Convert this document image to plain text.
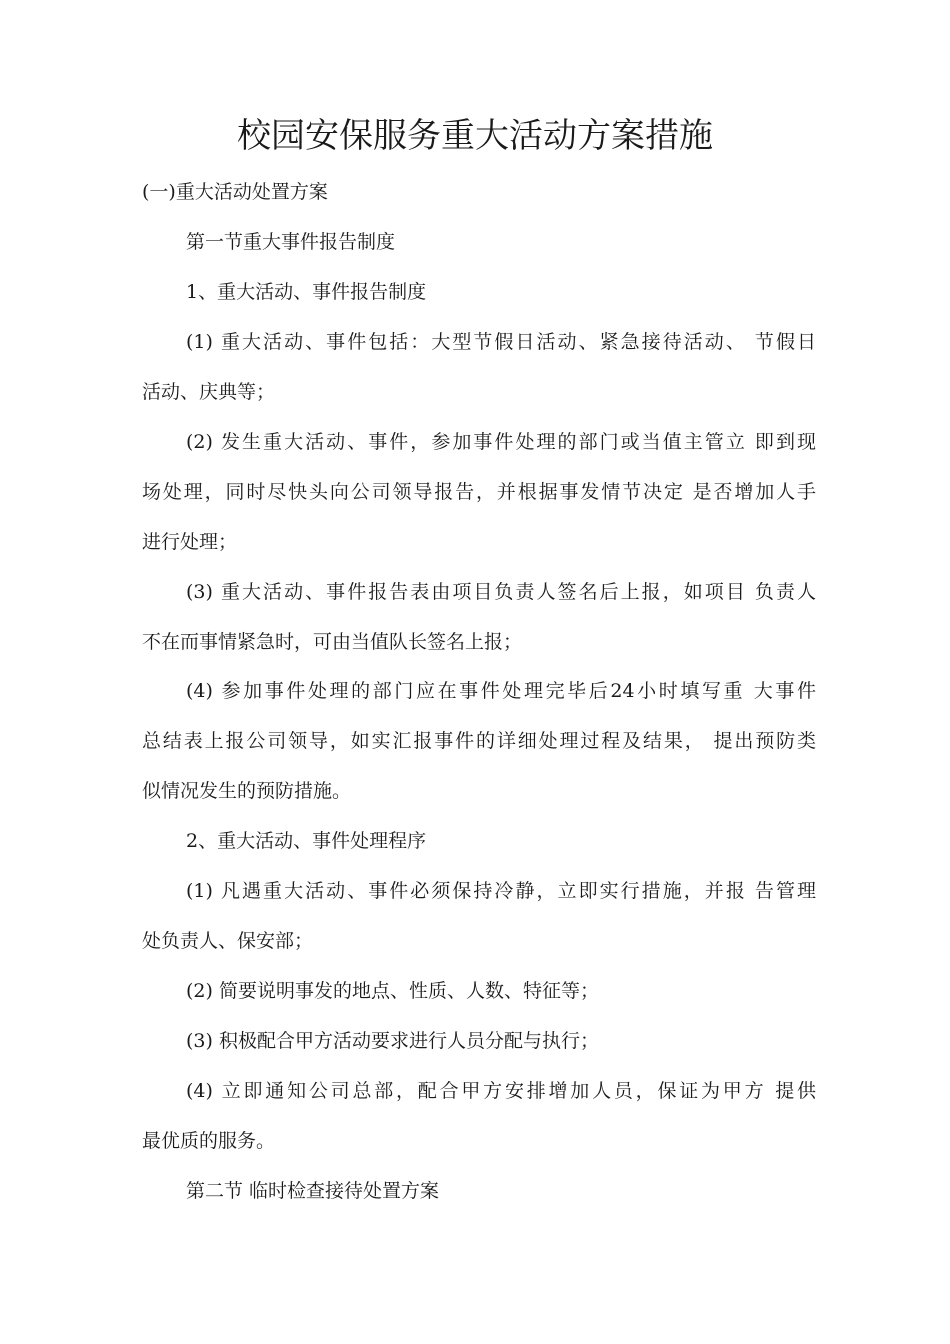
校园安保服务重大活动方案措施

(一)重大活动处置方案

第一节重大事件报告制度

1、重大活动、事件报告制度

(1) 重大活动、事件包括：大型节假日活动、紧急接待活动、 节假日

活动、庆典等；

(2) 发生重大活动、事件，参加事件处理的部门或当值主管立 即到现

场处理，同时尽快头向公司领导报告，并根据事发情节决定 是否增加人手

进行处理；

(3) 重大活动、事件报告表由项目负责人签名后上报，如项目 负责人

不在而事情紧急时，可由当值队长签名上报；

(4) 参加事件处理的部门应在事件处理完毕后24小时填写重 大事件

总结表上报公司领导，如实汇报事件的详细处理过程及结果， 提出预防类

似情况发生的预防措施。

2、重大活动、事件处理程序

(1) 凡遇重大活动、事件必须保持冷静，立即实行措施，并报 告管理

处负责人、保安部；

(2) 简要说明事发的地点、性质、人数、特征等；

(3) 积极配合甲方活动要求进行人员分配与执行；

(4) 立即通知公司总部，配合甲方安排增加人员，保证为甲方 提供

最优质的服务。

第二节 临时检查接待处置方案
